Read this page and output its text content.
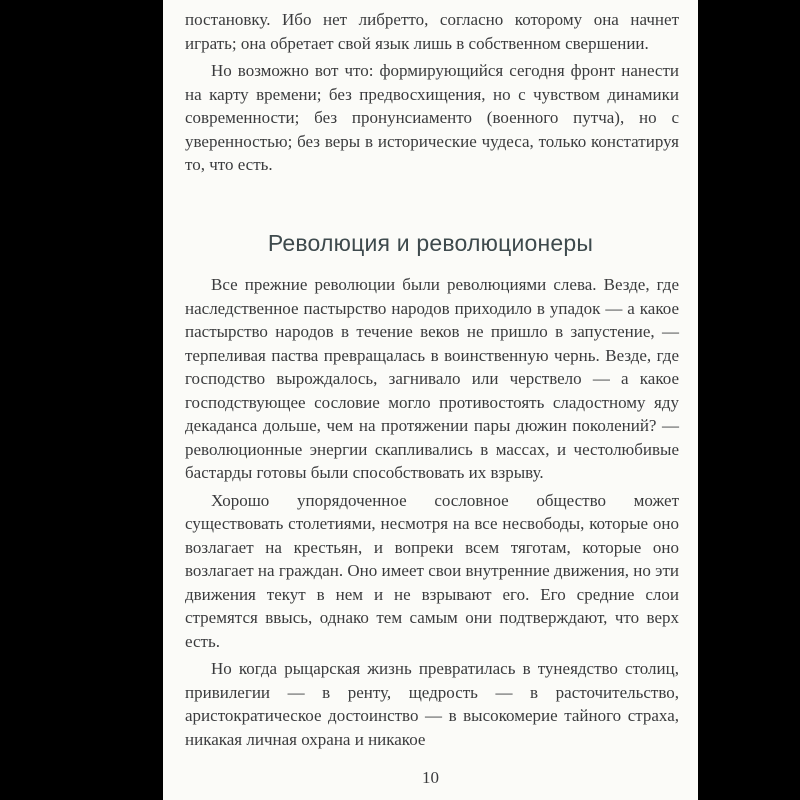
постановку. Ибо нет либретто, согласно которому она начнет играть; она обретает свой язык лишь в собственном свершении.

Но возможно вот что: формирующийся сегодня фронт нанести на карту времени; без предвосхищения, но с чувством динамики современности; без пронунсиаменто (военного путча), но с уверенностью; без веры в исторические чудеса, только констатируя то, что есть.

Революция и революционеры

Все прежние революции были революциями слева. Везде, где наследственное пастырство народов приходило в упадок — а какое пастырство народов в течение веков не пришло в запустение, — терпеливая паства превращалась в воинственную чернь. Везде, где господство вырождалось, загнивало или черствело — а какое господствующее сословие могло противостоять сладостному яду декаданса дольше, чем на протяжении пары дюжин поколений? — революционные энергии скапливались в массах, и честолюбивые бастарды готовы были способствовать их взрыву.

Хорошо упорядоченное сословное общество может существовать столетиями, несмотря на все несвободы, которые оно возлагает на крестьян, и вопреки всем тяготам, которые оно возлагает на граждан. Оно имеет свои внутренние движения, но эти движения текут в нем и не взрывают его. Его средние слои стремятся ввысь, однако тем самым они подтверждают, что верх есть.

Но когда рыцарская жизнь превратилась в тунеядство столиц, привилегии — в ренту, щедрость — в расточительство, аристократическое достоинство — в высокомерие тайного страха, никакая личная охрана и никакое

10
